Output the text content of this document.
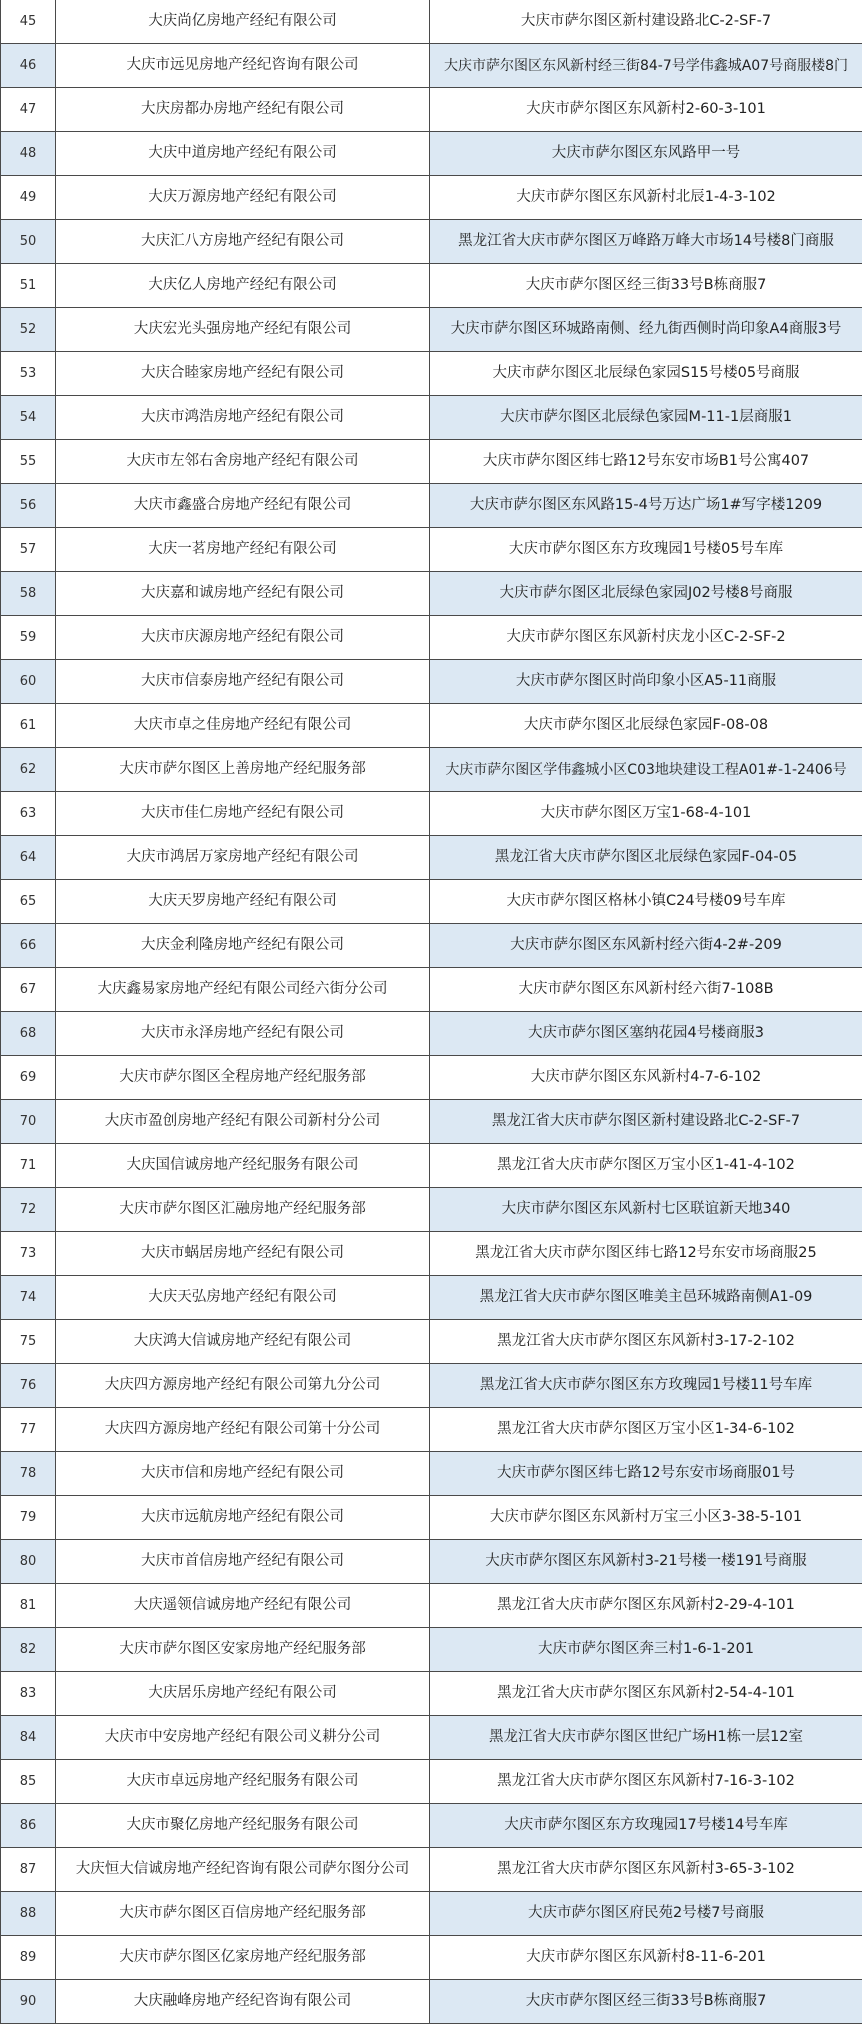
45	大庆尚亿房地产经纪有限公司	大庆市萨尔图区新村建设路北C-2-SF-7
46	大庆市远见房地产经纪咨询有限公司	大庆市萨尔图区东风新村经三街84-7号学伟鑫城A07号商服楼8门
47	大庆房都办房地产经纪有限公司	大庆市萨尔图区东风新村2-60-3-101
48	大庆中道房地产经纪有限公司	大庆市萨尔图区东风路甲一号
49	大庆万源房地产经纪有限公司	大庆市萨尔图区东风新村北辰1-4-3-102
50	大庆汇八方房地产经纪有限公司	黑龙江省大庆市萨尔图区万峰路万峰大市场14号楼8门商服
51	大庆亿人房地产经纪有限公司	大庆市萨尔图区经三街33号B栋商服7
52	大庆宏光头强房地产经纪有限公司	大庆市萨尔图区环城路南侧、经九街西侧时尚印象A4商服3号
53	大庆合睦家房地产经纪有限公司	大庆市萨尔图区北辰绿色家园S15号楼05号商服
54	大庆市鸿浩房地产经纪有限公司	大庆市萨尔图区北辰绿色家园M-11-1层商服1
55	大庆市左邻右舍房地产经纪有限公司	大庆市萨尔图区纬七路12号东安市场B1号公寓407
56	大庆市鑫盛合房地产经纪有限公司	大庆市萨尔图区东风路15-4号万达广场1#写字楼1209
57	大庆一茗房地产经纪有限公司	大庆市萨尔图区东方玫瑰园1号楼05号车库
58	大庆嘉和诚房地产经纪有限公司	大庆市萨尔图区北辰绿色家园J02号楼8号商服
59	大庆市庆源房地产经纪有限公司	大庆市萨尔图区东风新村庆龙小区C-2-SF-2
60	大庆市信泰房地产经纪有限公司	大庆市萨尔图区时尚印象小区A5-11商服
61	大庆市卓之佳房地产经纪有限公司	大庆市萨尔图区北辰绿色家园F-08-08
62	大庆市萨尔图区上善房地产经纪服务部	大庆市萨尔图区学伟鑫城小区C03地块建设工程A01#-1-2406号
63	大庆市佳仁房地产经纪有限公司	大庆市萨尔图区万宝1-68-4-101
64	大庆市鸿居万家房地产经纪有限公司	黑龙江省大庆市萨尔图区北辰绿色家园F-04-05
65	大庆天罗房地产经纪有限公司	大庆市萨尔图区格林小镇C24号楼09号车库
66	大庆金利隆房地产经纪有限公司	大庆市萨尔图区东风新村经六街4-2#-209
67	大庆鑫易家房地产经纪有限公司经六街分公司	大庆市萨尔图区东风新村经六街7-108B
68	大庆市永泽房地产经纪有限公司	大庆市萨尔图区塞纳花园4号楼商服3
69	大庆市萨尔图区全程房地产经纪服务部	大庆市萨尔图区东风新村4-7-6-102
70	大庆市盈创房地产经纪有限公司新村分公司	黑龙江省大庆市萨尔图区新村建设路北C-2-SF-7
71	大庆国信诚房地产经纪服务有限公司	黑龙江省大庆市萨尔图区万宝小区1-41-4-102
72	大庆市萨尔图区汇融房地产经纪服务部	大庆市萨尔图区东风新村七区联谊新天地340
73	大庆市蜗居房地产经纪有限公司	黑龙江省大庆市萨尔图区纬七路12号东安市场商服25
74	大庆天弘房地产经纪有限公司	黑龙江省大庆市萨尔图区唯美主邑环城路南侧A1-09
75	大庆鸿大信诚房地产经纪有限公司	黑龙江省大庆市萨尔图区东风新村3-17-2-102
76	大庆四方源房地产经纪有限公司第九分公司	黑龙江省大庆市萨尔图区东方玫瑰园1号楼11号车库
77	大庆四方源房地产经纪有限公司第十分公司	黑龙江省大庆市萨尔图区万宝小区1-34-6-102
78	大庆市信和房地产经纪有限公司	大庆市萨尔图区纬七路12号东安市场商服01号
79	大庆市远航房地产经纪有限公司	大庆市萨尔图区东风新村万宝三小区3-38-5-101
80	大庆市首信房地产经纪有限公司	大庆市萨尔图区东风新村3-21号楼一楼191号商服
81	大庆遥领信诚房地产经纪有限公司	黑龙江省大庆市萨尔图区东风新村2-29-4-101
82	大庆市萨尔图区安家房地产经纪服务部	大庆市萨尔图区奔三村1-6-1-201
83	大庆居乐房地产经纪有限公司	黑龙江省大庆市萨尔图区东风新村2-54-4-101
84	大庆市中安房地产经纪有限公司义耕分公司	黑龙江省大庆市萨尔图区世纪广场H1栋一层12室
85	大庆市卓远房地产经纪服务有限公司	黑龙江省大庆市萨尔图区东风新村7-16-3-102
86	大庆市聚亿房地产经纪服务有限公司	大庆市萨尔图区东方玫瑰园17号楼14号车库
87	大庆恒大信诚房地产经纪咨询有限公司萨尔图分公司	黑龙江省大庆市萨尔图区东风新村3-65-3-102
88	大庆市萨尔图区百信房地产经纪服务部	大庆市萨尔图区府民苑2号楼7号商服
89	大庆市萨尔图区亿家房地产经纪服务部	大庆市萨尔图区东风新村8-11-6-201
90	大庆融峰房地产经纪咨询有限公司	大庆市萨尔图区经三街33号B栋商服7
